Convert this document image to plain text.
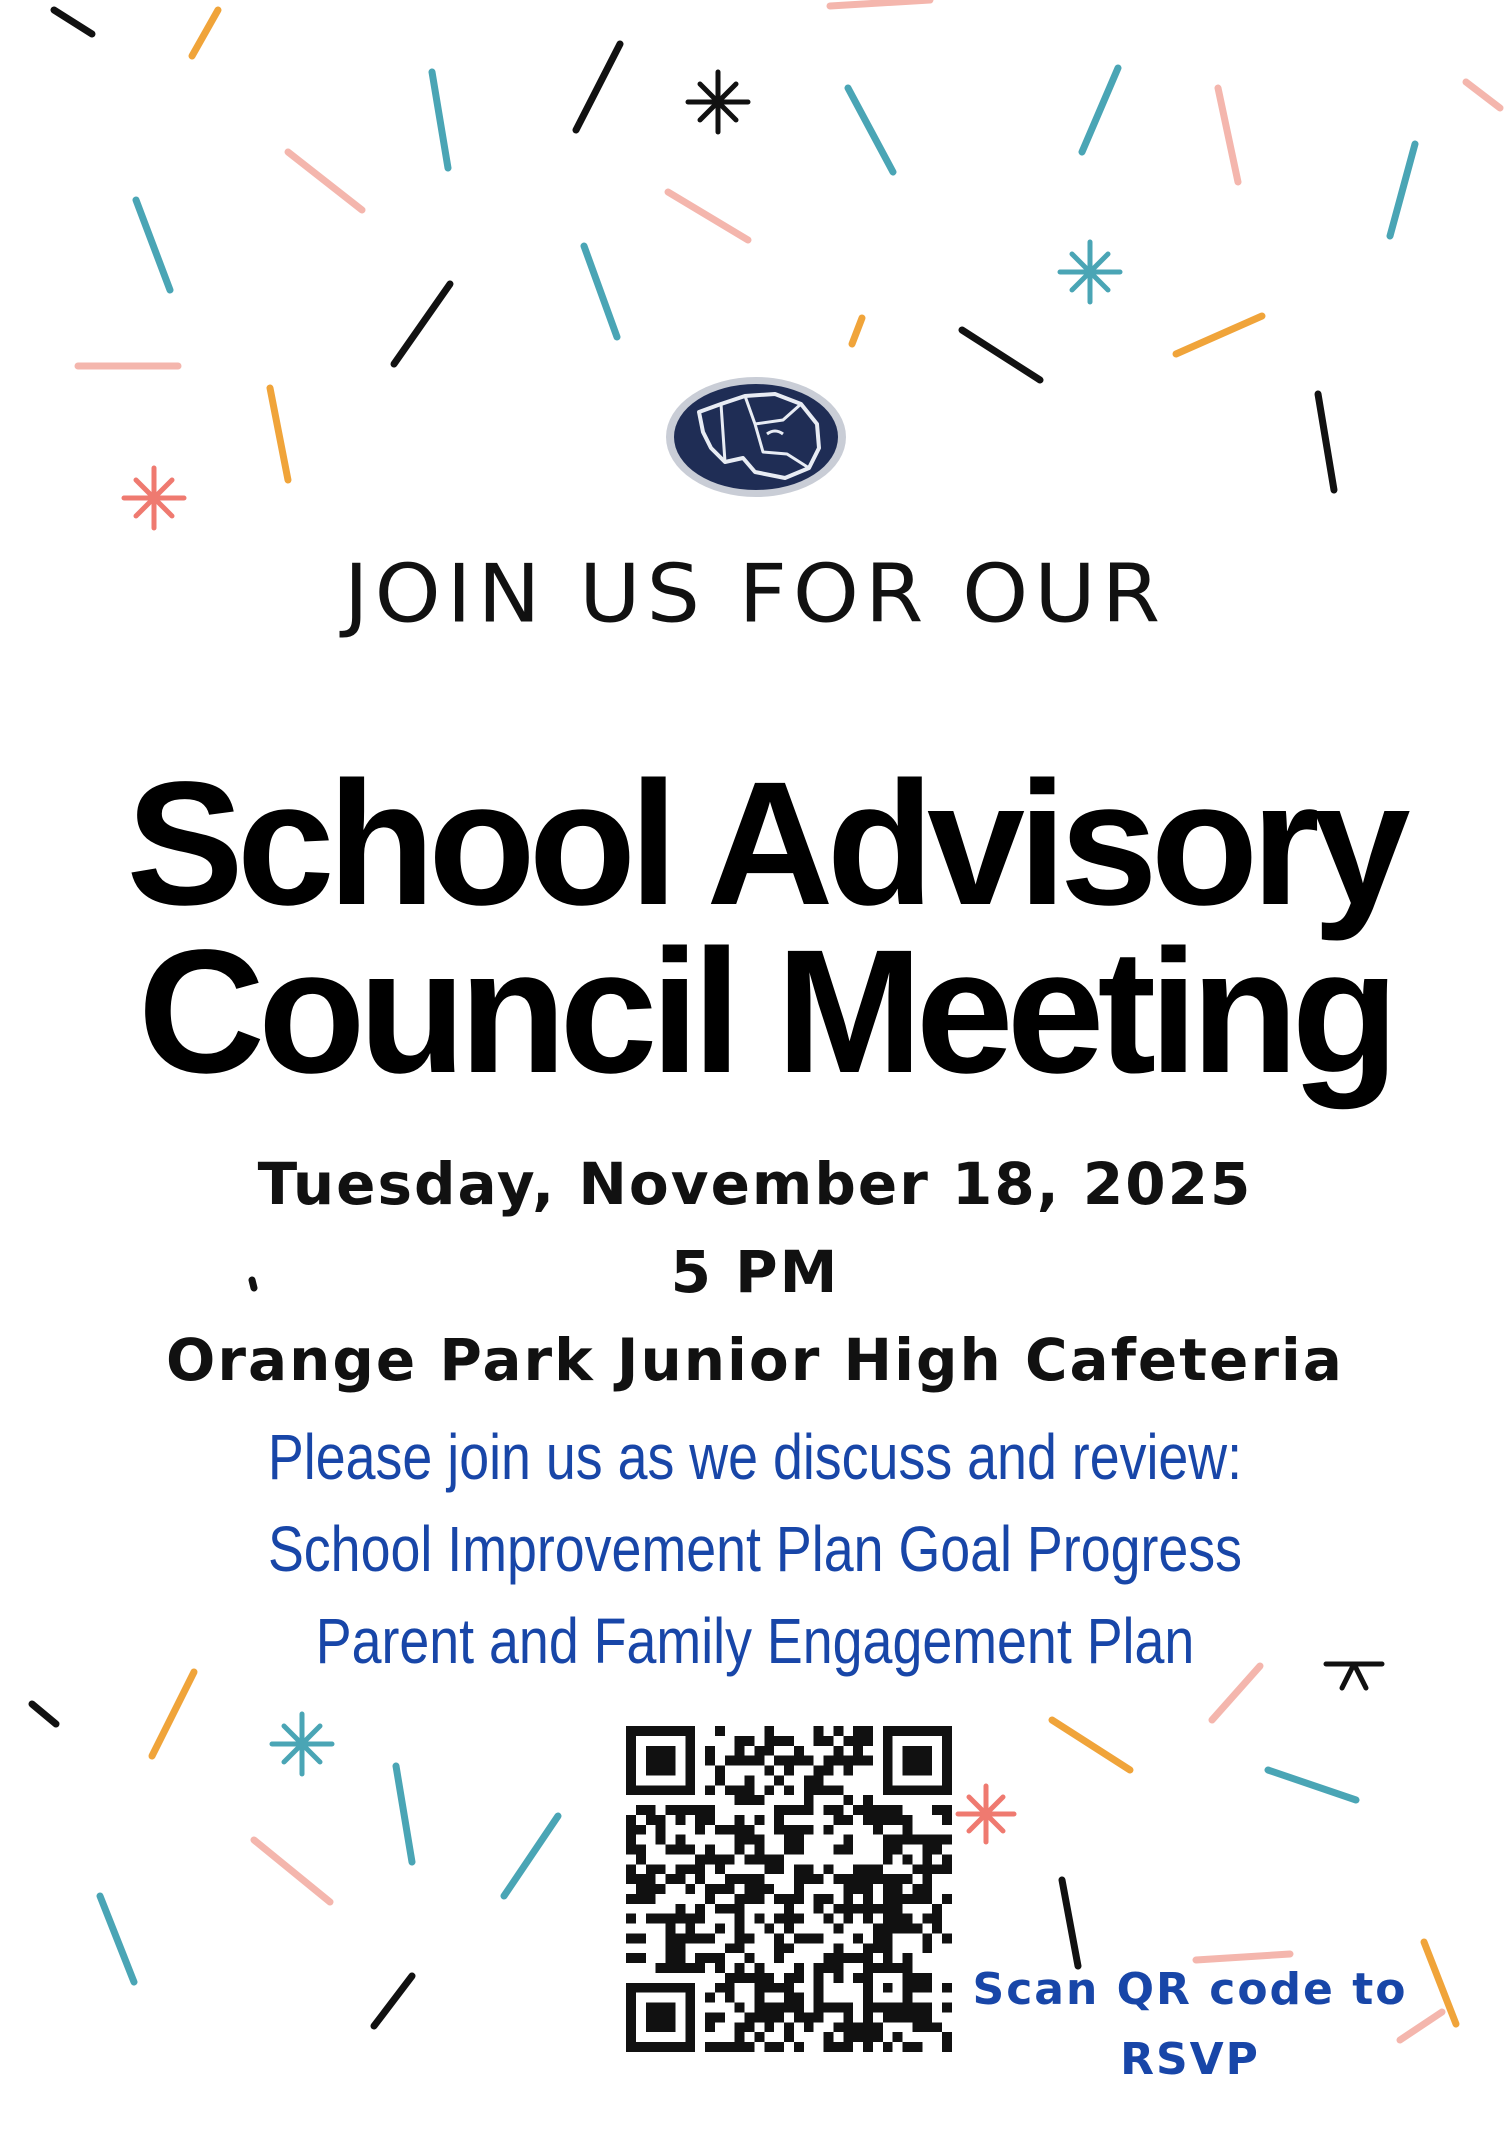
JOIN US FOR OUR

School Advisory
Council Meeting

Tuesday, November 18, 2025

5 PM

Orange Park Junior High Cafeteria

Please join us as we discuss and review:

School Improvement Plan Goal Progress

Parent and Family Engagement Plan

Scan QR code to
RSVP
